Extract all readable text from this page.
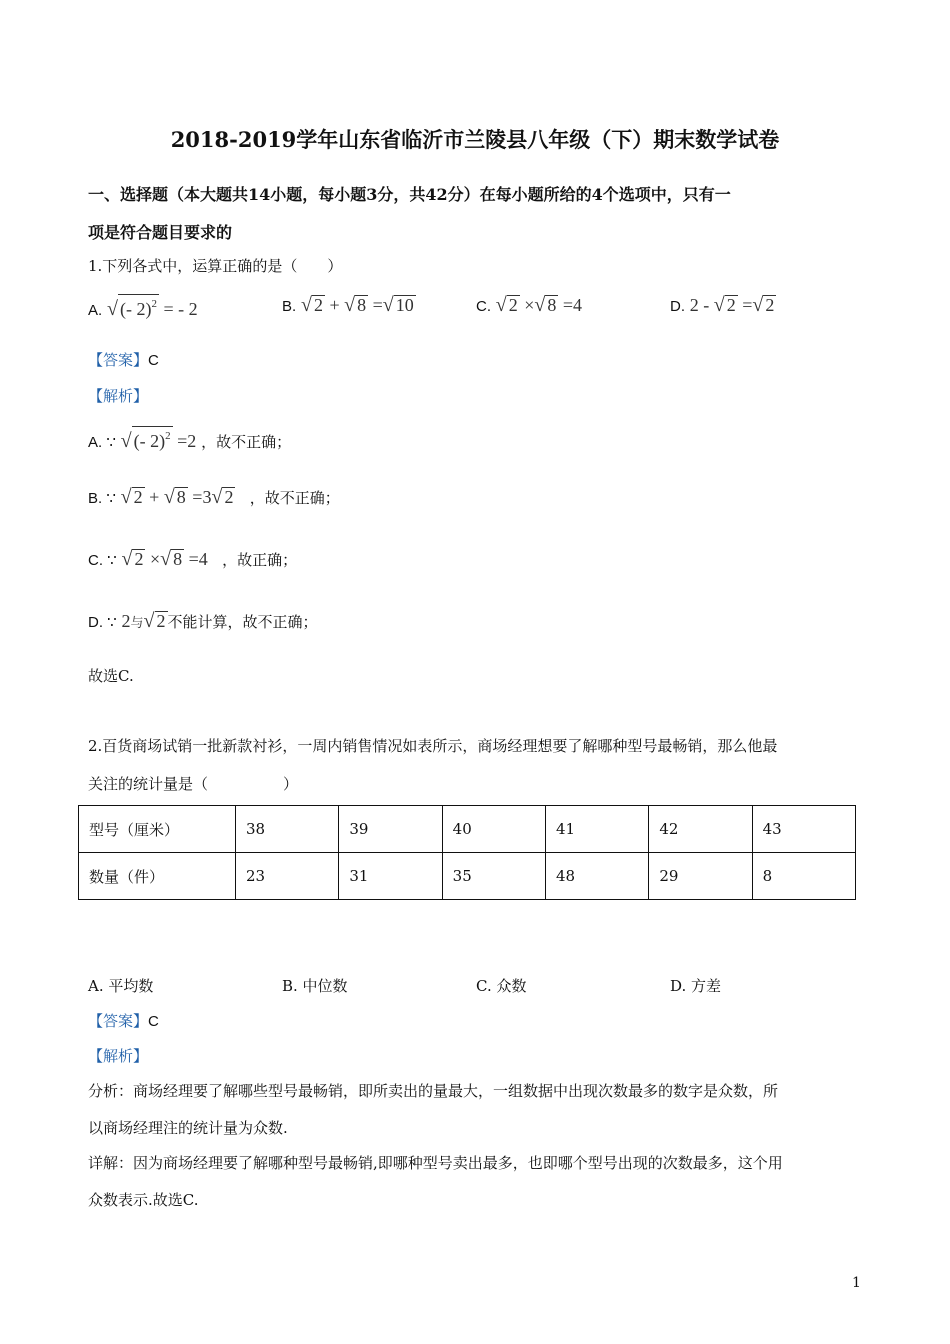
2018-2019学年山东省临沂市兰陵县八年级（下）期末数学试卷
一、选择题（本大题共14小题，每小题3分，共42分）在每小题所给的4个选项中，只有一
项是符合题目要求的
1.下列各式中，运算正确的是（　　）
A. √ (- 2)$^2$ = - 2	B. √ 2 + √ 8 =√ 10	C. √ 2 ×√ 8 =4	D. 2 - √ 2 =√ 2
【答案】C
【解析】
A. ∵ √ (- 2)$^2$ =2 ，故不正确；
B. ∵ √ 2 + √ 8 =3√ 2 ，故不正确；
C. ∵ √ 2 ×√ 8 =4 ，故正确；
D. ∵ 2与√ 2 不能计算，故不正确；
故选C.
2.百货商场试销一批新款衬衫，一周内销售情况如表所示，商场经理想要了解哪种型号最畅销，那么他最
关注的统计量是（　　　　　）
型号（厘米）	38	39	40	41	42	43
数量（件）	23	31	35	48	29	8
A. 平均数	B. 中位数	C. 众数	D. 方差
【答案】C
【解析】
分析：商场经理要了解哪些型号最畅销，即所卖出的量最大，一组数据中出现次数最多的数字是众数，所
以商场经理注的统计量为众数.
详解：因为商场经理要了解哪种型号最畅销,即哪种型号卖出最多，也即哪个型号出现的次数最多，这个用
众数表示.故选C.
1
